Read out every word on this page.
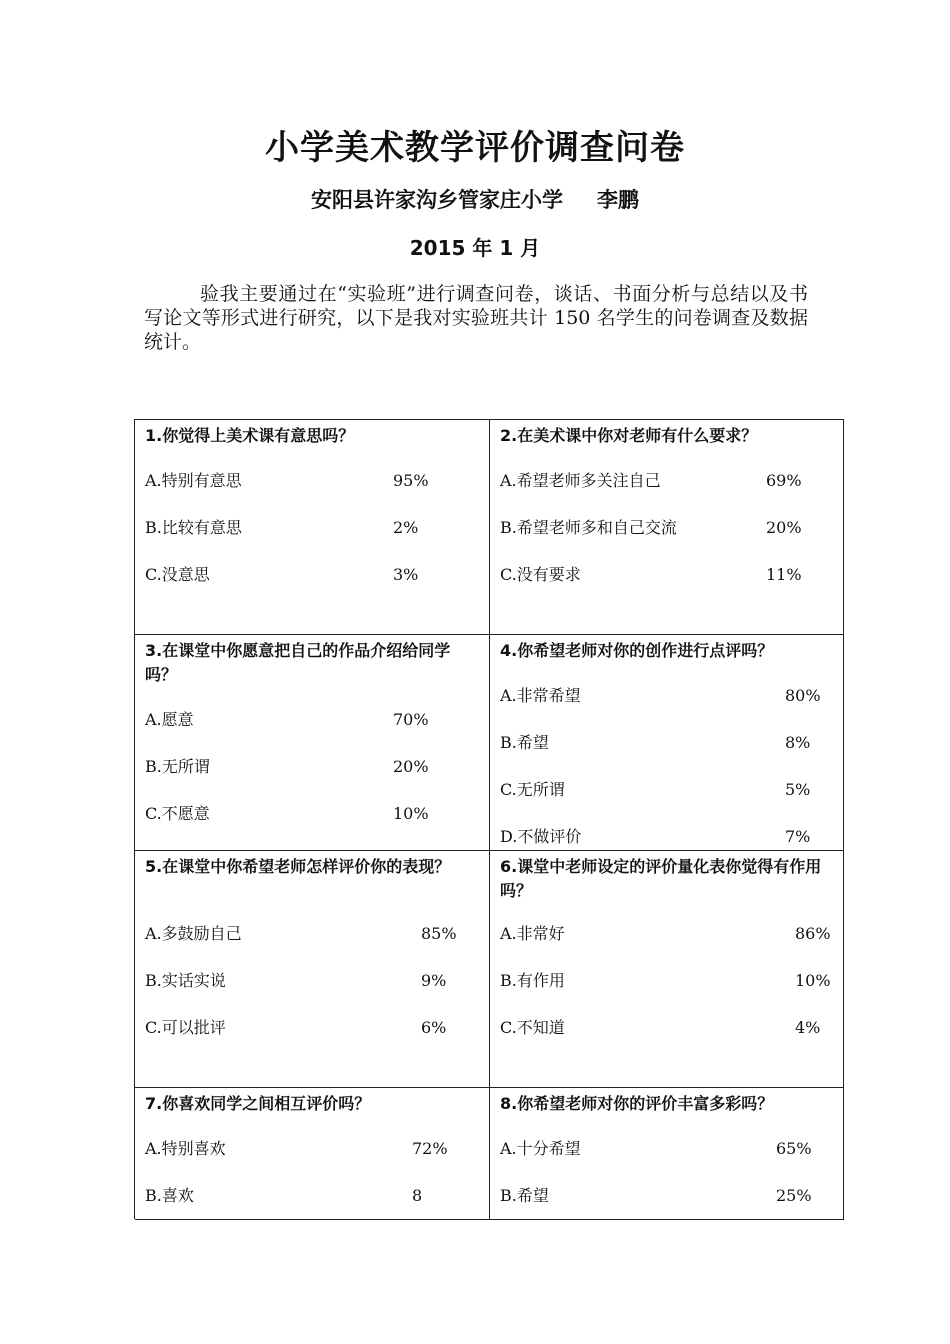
小学美术教学评价调查问卷
安阳县许家沟乡管家庄小学 李鹏
2015 年 1 月

验我主要通过在“实验班”进行调查问卷，谈话、书面分析与总结以及书写论文等形式进行研究，以下是我对实验班共计 150 名学生的问卷调查及数据统计。

1.你觉得上美术课有意思吗？
A.特别有意思	95%
B.比较有意思	2%
C.没意思	3%
2.在美术课中你对老师有什么要求？
A.希望老师多关注自己	69%
B.希望老师多和自己交流	20%
C.没有要求	11%
3.在课堂中你愿意把自己的作品介绍给同学吗？
A.愿意	70%
B.无所谓	20%
C.不愿意	10%
4.你希望老师对你的创作进行点评吗？
A.非常希望	80%
B.希望	8%
C.无所谓	5%
D.不做评价	7%
5.在课堂中你希望老师怎样评价你的表现？
A.多鼓励自己	85%
B.实话实说	9%
C.可以批评	6%
6.课堂中老师设定的评价量化表你觉得有作用吗？
A.非常好	86%
B.有作用	10%
C.不知道	4%
7.你喜欢同学之间相互评价吗？
A.特别喜欢	72%
B.喜欢	8
8.你希望老师对你的评价丰富多彩吗？
A.十分希望	65%
B.希望	25%
